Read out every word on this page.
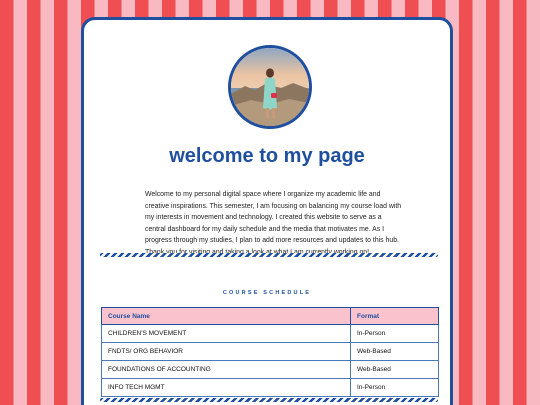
welcome to my page
Welcome to my personal digital space where I organize my academic life and creative inspirations. This semester, I am focusing on balancing my course load with my interests in movement and technology. I created this website to serve as a central dashboard for my daily schedule and the media that motivates me. As I progress through my studies, I plan to add more resources and updates to this hub.
COURSE SCHEDULE
Course Name	Format
CHILDREN'S MOVEMENT	In-Person
FNDTS/ ORG BEHAVIOR	Web-Based
FOUNDATIONS OF ACCOUNTING	Web-Based
INFO TECH MGMT	In-Person
